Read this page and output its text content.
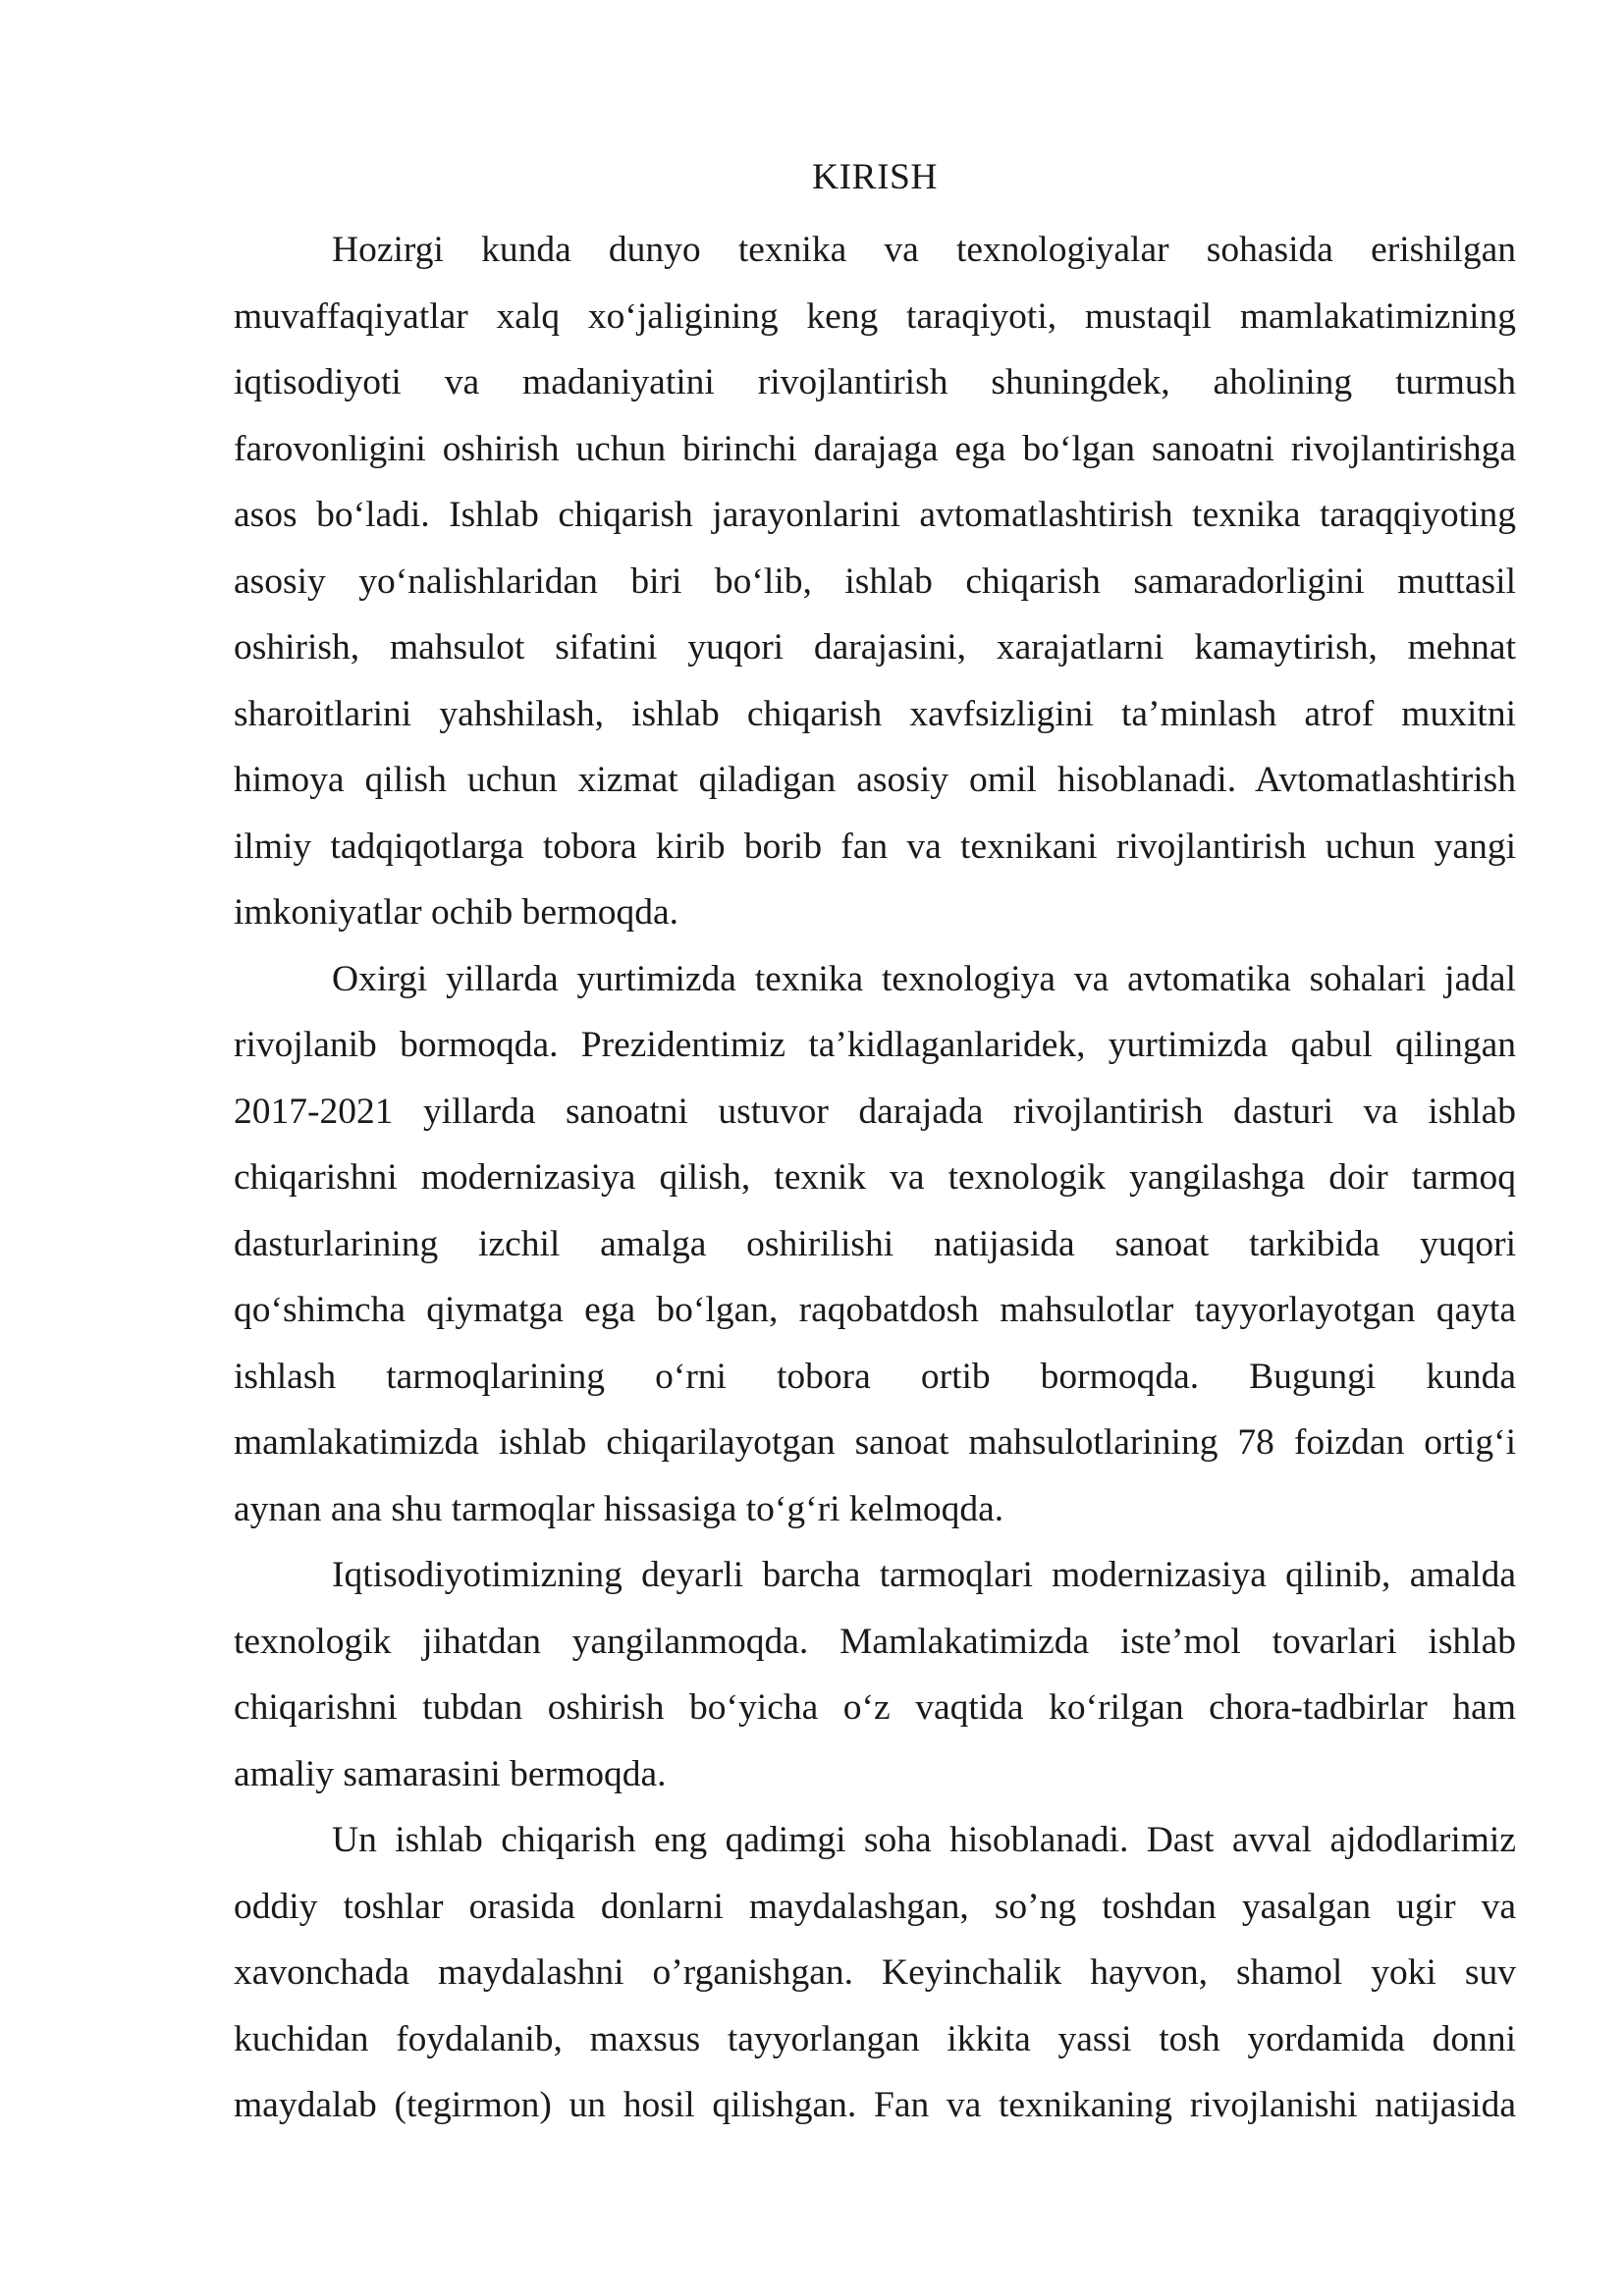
KIRISH
Hozirgi kunda dunyo texnika va texnologiyalar sohasida erishilgan
muvaffaqiyatlar xalq xo‘jaligining keng taraqiyoti, mustaqil mamlakatimizning
iqtisodiyoti va madaniyatini rivojlantirish shuningdek, aholining turmush
farovonligini oshirish uchun birinchi darajaga ega bo‘lgan sanoatni rivojlantirishga
asos bo‘ladi. Ishlab chiqarish jarayonlarini avtomatlashtirish texnika taraqqiyoting
asosiy yo‘nalishlaridan biri bo‘lib, ishlab chiqarish samaradorligini muttasil
oshirish, mahsulot sifatini yuqori darajasini, xarajatlarni kamaytirish, mehnat
sharoitlarini yahshilash, ishlab chiqarish xavfsizligini ta’minlash atrof muxitni
himoya qilish uchun xizmat qiladigan asosiy omil hisoblanadi. Avtomatlashtirish
ilmiy tadqiqotlarga tobora kirib borib fan va texnikani rivojlantirish uchun yangi
imkoniyatlar ochib bermoqda.
Oxirgi yillarda yurtimizda texnika texnologiya va avtomatika sohalari jadal
rivojlanib bormoqda. Prezidentimiz ta’kidlaganlaridek, yurtimizda qabul qilingan
2017-2021 yillarda sanoatni ustuvor darajada rivojlantirish dasturi va ishlab
chiqarishni modernizasiya qilish, texnik va texnologik yangilashga doir tarmoq
dasturlarining izchil amalga oshirilishi natijasida sanoat tarkibida yuqori
qo‘shimcha qiymatga ega bo‘lgan, raqobatdosh mahsulotlar tayyorlayotgan qayta
ishlash tarmoqlarining o‘rni tobora ortib bormoqda. Bugungi kunda
mamlakatimizda ishlab chiqarilayotgan sanoat mahsulotlarining 78 foizdan ortig‘i
aynan ana shu tarmoqlar hissasiga to‘g‘ri kelmoqda.
Iqtisodiyotimizning deyarli barcha tarmoqlari modernizasiya qilinib, amalda
texnologik jihatdan yangilanmoqda. Mamlakatimizda iste’mol tovarlari ishlab
chiqarishni tubdan oshirish bo‘yicha o‘z vaqtida ko‘rilgan chora-tadbirlar ham
amaliy samarasini bermoqda.
Un ishlab chiqarish eng qadimgi soha hisoblanadi. Dast avval ajdodlarimiz
oddiy toshlar orasida donlarni maydalashgan, so’ng toshdan yasalgan ugir va
xavonchada maydalashni o’rganishgan. Keyinchalik hayvon, shamol yoki suv
kuchidan foydalanib, maxsus tayyorlangan ikkita yassi tosh yordamida donni
maydalab (tegirmon) un hosil qilishgan. Fan va texnikaning rivojlanishi natijasida
